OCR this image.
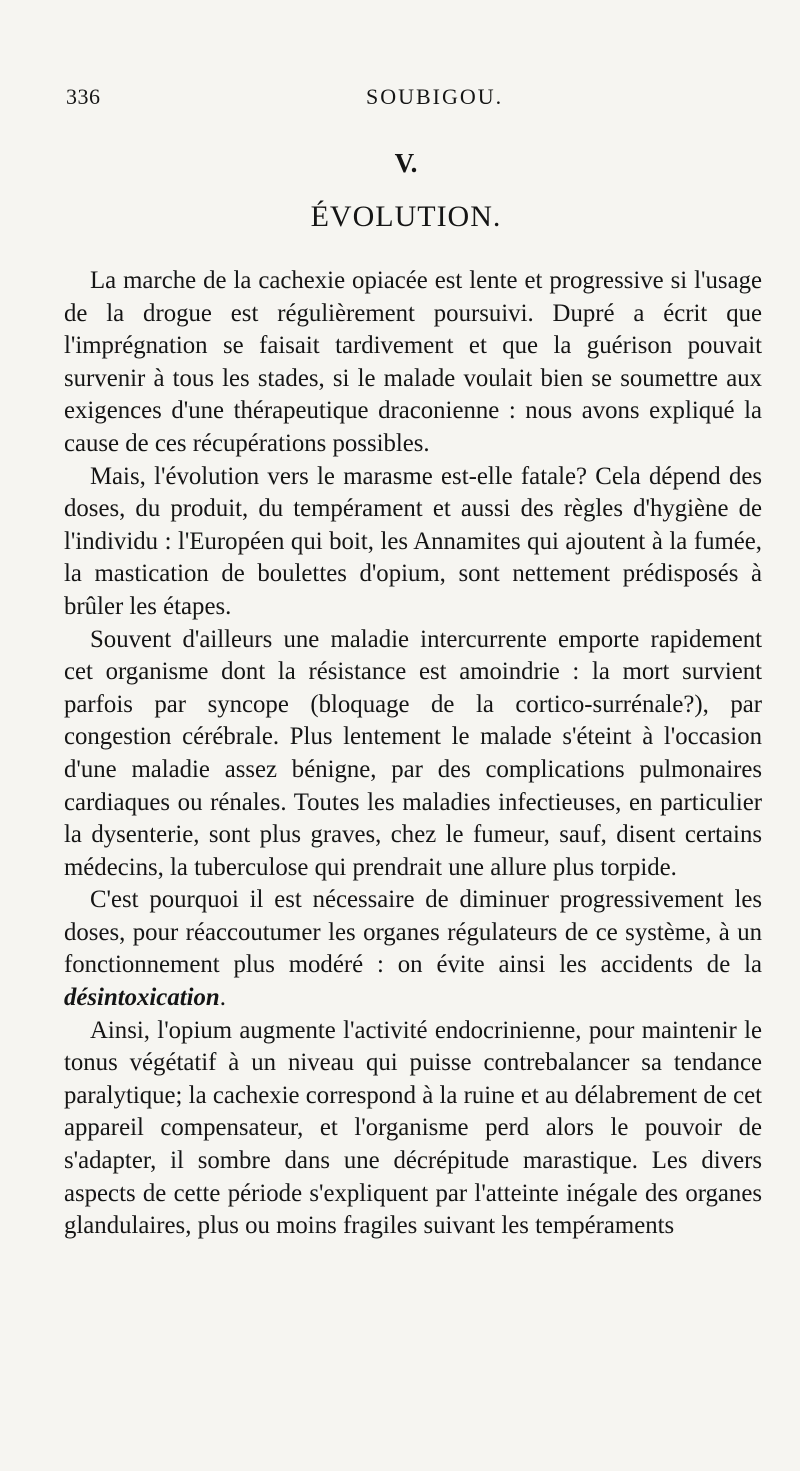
336	SOUBIGOU.
V.
ÉVOLUTION.

La marche de la cachexie opiacée est lente et progressive si l'usage de la drogue est régulièrement poursuivi. Dupré a écrit que l'imprégnation se faisait tardivement et que la guérison pouvait survenir à tous les stades, si le malade voulait bien se soumettre aux exigences d'une thérapeutique draconienne : nous avons expliqué la cause de ces récupérations possibles.

Mais, l'évolution vers le marasme est-elle fatale? Cela dépend des doses, du produit, du tempérament et aussi des règles d'hygiène de l'individu : l'Européen qui boit, les Annamites qui ajoutent à la fumée, la mastication de boulettes d'opium, sont nettement prédisposés à brûler les étapes.

Souvent d'ailleurs une maladie intercurrente emporte rapidement cet organisme dont la résistance est amoindrie : la mort survient parfois par syncope (bloquage de la cortico-surrénale?), par congestion cérébrale. Plus lentement le malade s'éteint à l'occasion d'une maladie assez bénigne, par des complications pulmonaires cardiaques ou rénales. Toutes les maladies infectieuses, en particulier la dysenterie, sont plus graves, chez le fumeur, sauf, disent certains médecins, la tuberculose qui prendrait une allure plus torpide.

C'est pourquoi il est nécessaire de diminuer progressivement les doses, pour réaccoutumer les organes régulateurs de ce système, à un fonctionnement plus modéré : on évite ainsi les accidents de la désintoxication.

Ainsi, l'opium augmente l'activité endocrinienne, pour maintenir le tonus végétatif à un niveau qui puisse contrebalancer sa tendance paralytique; la cachexie correspond à la ruine et au délabrement de cet appareil compensateur, et l'organisme perd alors le pouvoir de s'adapter, il sombre dans une décrépitude marastique. Les divers aspects de cette période s'expliquent par l'atteinte inégale des organes glandulaires, plus ou moins fragiles suivant les tempéraments
